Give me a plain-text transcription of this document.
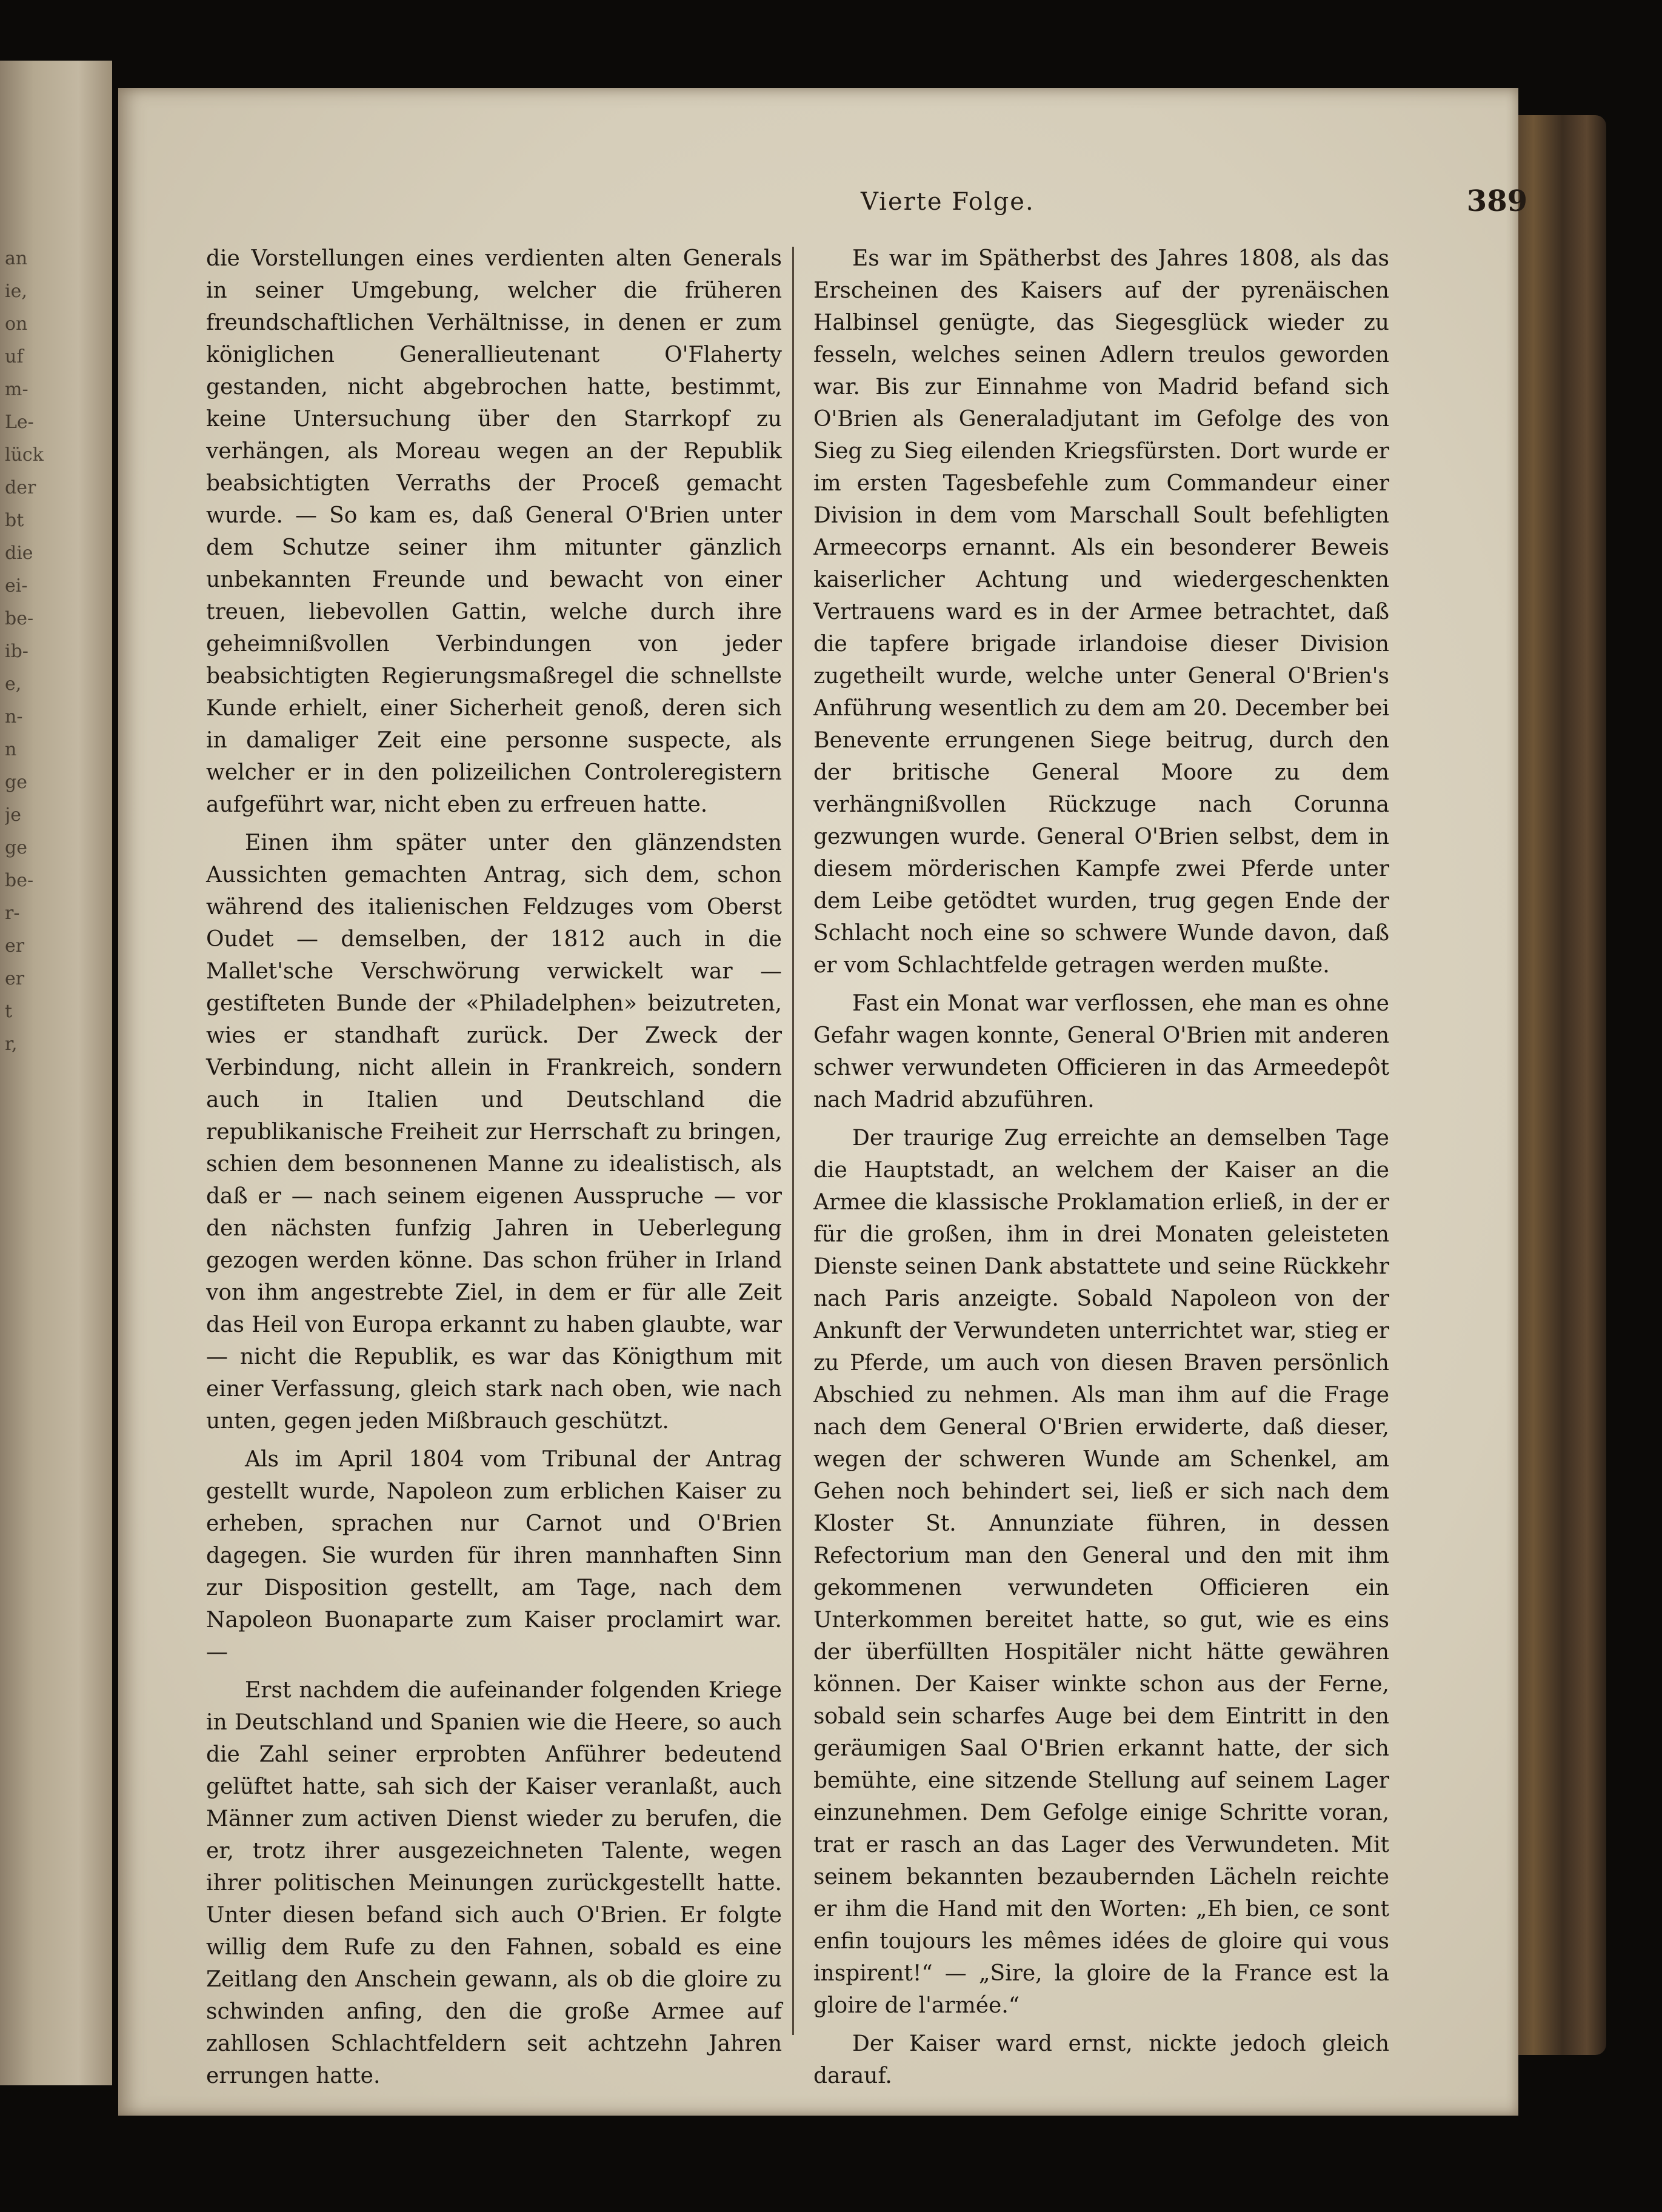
an
ie,
on
uf
m-
Le-
lück
der
bt
die
ei-
be-
ib-
e,
n-
n
ge
je
ge
be-
r-
er
er
t
r,
Vierte Folge.	389

die Vorstellungen eines verdienten alten Generals in seiner Umgebung, welcher die früheren freundschaftlichen Verhältnisse, in denen er zum königlichen Generallieutenant O'Flaherty gestanden, nicht abgebrochen hatte, bestimmt, keine Untersuchung über den Starrkopf zu verhängen, als Moreau wegen an der Republik beabsichtigten Verraths der Proceß gemacht wurde. — So kam es, daß General O'Brien unter dem Schutze seiner ihm mitunter gänzlich unbekannten Freunde und bewacht von einer treuen, liebevollen Gattin, welche durch ihre geheimnißvollen Verbindungen von jeder beabsichtigten Regierungsmaßregel die schnellste Kunde erhielt, einer Sicherheit genoß, deren sich in damaliger Zeit eine personne suspecte, als welcher er in den polizeilichen Controleregistern aufgeführt war, nicht eben zu erfreuen hatte.

Einen ihm später unter den glänzendsten Aussichten gemachten Antrag, sich dem, schon während des italienischen Feldzuges vom Oberst Oudet — demselben, der 1812 auch in die Mallet'sche Verschwörung verwickelt war — gestifteten Bunde der «Philadelphen» beizutreten, wies er standhaft zurück. Der Zweck der Verbindung, nicht allein in Frankreich, sondern auch in Italien und Deutschland die republikanische Freiheit zur Herrschaft zu bringen, schien dem besonnenen Manne zu idealistisch, als daß er — nach seinem eigenen Ausspruche — vor den nächsten funfzig Jahren in Ueberlegung gezogen werden könne. Das schon früher in Irland von ihm angestrebte Ziel, in dem er für alle Zeit das Heil von Europa erkannt zu haben glaubte, war — nicht die Republik, es war das Königthum mit einer Verfassung, gleich stark nach oben, wie nach unten, gegen jeden Mißbrauch geschützt.

Als im April 1804 vom Tribunal der Antrag gestellt wurde, Napoleon zum erblichen Kaiser zu erheben, sprachen nur Carnot und O'Brien dagegen. Sie wurden für ihren mannhaften Sinn zur Disposition gestellt, am Tage, nach dem Napoleon Buonaparte zum Kaiser proclamirt war. —

Erst nachdem die aufeinander folgenden Kriege in Deutschland und Spanien wie die Heere, so auch die Zahl seiner erprobten Anführer bedeutend gelüftet hatte, sah sich der Kaiser veranlaßt, auch Männer zum activen Dienst wieder zu berufen, die er, trotz ihrer ausgezeichneten Talente, wegen ihrer politischen Meinungen zurückgestellt hatte. Unter diesen befand sich auch O'Brien. Er folgte willig dem Rufe zu den Fahnen, sobald es eine Zeitlang den Anschein gewann, als ob die gloire zu schwinden anfing, den die große Armee auf zahllosen Schlachtfeldern seit achtzehn Jahren errungen hatte.

Es war im Spätherbst des Jahres 1808, als das Erscheinen des Kaisers auf der pyrenäischen Halbinsel genügte, das Siegesglück wieder zu fesseln, welches seinen Adlern treulos geworden war. Bis zur Einnahme von Madrid befand sich O'Brien als Generaladjutant im Gefolge des von Sieg zu Sieg eilenden Kriegsfürsten. Dort wurde er im ersten Tagesbefehle zum Commandeur einer Division in dem vom Marschall Soult befehligten Armeecorps ernannt. Als ein besonderer Beweis kaiserlicher Achtung und wiedergeschenkten Vertrauens ward es in der Armee betrachtet, daß die tapfere brigade irlandoise dieser Division zugetheilt wurde, welche unter General O'Brien's Anführung wesentlich zu dem am 20. December bei Benevente errungenen Siege beitrug, durch den der britische General Moore zu dem verhängnißvollen Rückzuge nach Corunna gezwungen wurde. General O'Brien selbst, dem in diesem mörderischen Kampfe zwei Pferde unter dem Leibe getödtet wurden, trug gegen Ende der Schlacht noch eine so schwere Wunde davon, daß er vom Schlachtfelde getragen werden mußte.

Fast ein Monat war verflossen, ehe man es ohne Gefahr wagen konnte, General O'Brien mit anderen schwer verwundeten Officieren in das Armeedepôt nach Madrid abzuführen.

Der traurige Zug erreichte an demselben Tage die Hauptstadt, an welchem der Kaiser an die Armee die klassische Proklamation erließ, in der er für die großen, ihm in drei Monaten geleisteten Dienste seinen Dank abstattete und seine Rückkehr nach Paris anzeigte. Sobald Napoleon von der Ankunft der Verwundeten unterrichtet war, stieg er zu Pferde, um auch von diesen Braven persönlich Abschied zu nehmen. Als man ihm auf die Frage nach dem General O'Brien erwiderte, daß dieser, wegen der schweren Wunde am Schenkel, am Gehen noch behindert sei, ließ er sich nach dem Kloster St. Annunziate führen, in dessen Refectorium man den General und den mit ihm gekommenen verwundeten Officieren ein Unterkommen bereitet hatte, so gut, wie es eins der überfüllten Hospitäler nicht hätte gewähren können. Der Kaiser winkte schon aus der Ferne, sobald sein scharfes Auge bei dem Eintritt in den geräumigen Saal O'Brien erkannt hatte, der sich bemühte, eine sitzende Stellung auf seinem Lager einzunehmen. Dem Gefolge einige Schritte voran, trat er rasch an das Lager des Verwundeten. Mit seinem bekannten bezaubernden Lächeln reichte er ihm die Hand mit den Worten: „Eh bien, ce sont enfin toujours les mêmes idées de gloire qui vous inspirent!“ — „Sire, la gloire de la France est la gloire de l'armée.“

Der Kaiser ward ernst, nickte jedoch gleich darauf.
